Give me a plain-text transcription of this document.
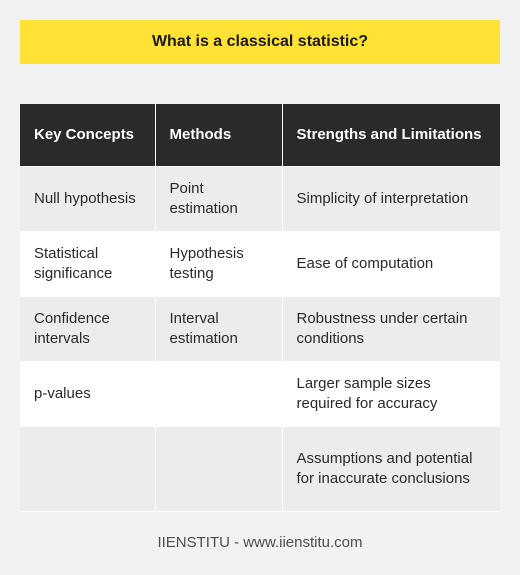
What is a classical statistic?
Key Concepts	Methods	Strengths and Limitations
Null hypothesis	Point estimation	Simplicity of interpretation
Statistical significance	Hypothesis testing	Ease of computation
Confidence intervals	Interval estimation	Robustness under certain conditions
p-values		Larger sample sizes required for accuracy
		Assumptions and potential for inaccurate conclusions
IIENSTITU - www.iienstitu.com
